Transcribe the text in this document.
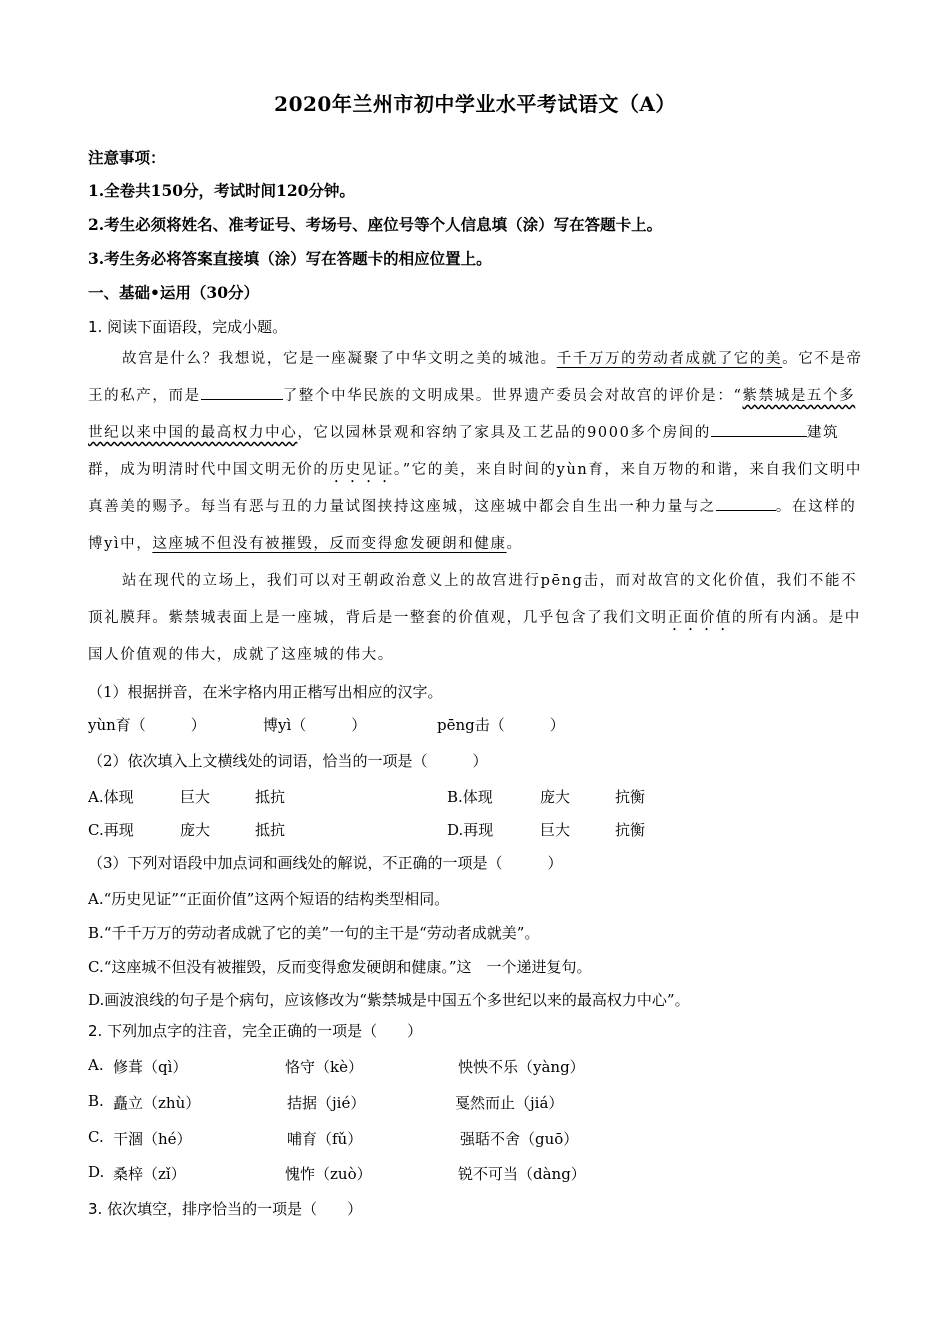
2020年兰州市初中学业水平考试语文（A）
注意事项：
1.全卷共150分，考试时间120分钟。
2.考生必须将姓名、准考证号、考场号、座位号等个人信息填（涂）写在答题卡上。
3.考生务必将答案直接填（涂）写在答题卡的相应位置上。
一、基础•运用（30分）
1. 阅读下面语段，完成小题。
故宫是什么？我想说，它是一座凝聚了中华文明之美的城池。千千万万的劳动者成就了它的美。它不是帝王的私产，而是	了整个中华民族的文明成果。世界遗产委员会对故宫的评价是：“紫禁城是五个多世纪以来中国的最高权力中心，它以园林景观和容纳了家具及工艺品的9000多个房间的	建筑群，成为明清时代中国文明无价的历史见证。”它的美，来自时间的yùn育，来自万物的和谐，来自我们文明中真善美的赐予。每当有恶与丑的力量试图挟持这座城，这座城中都会自生出一种力量与之	。在这样的博yì中，这座城不但没有被摧毁，反而变得愈发硬朗和健康。
站在现代的立场上，我们可以对王朝政治意义上的故宫进行pēng击，而对故宫的文化价值，我们不能不顶礼膜拜。紫禁城表面上是一座城，背后是一整套的价值观，几乎包含了我们文明正面价值的所有内涵。是中国人价值观的伟大，成就了这座城的伟大。
（1）根据拼音，在米字格内用正楷写出相应的汉字。
yùn育（　　　）	博yì（　　　）	pēng击（　　　）
（2）依次填入上文横线处的词语，恰当的一项是（　　　）
A.体现	巨大	抵抗	B.体现	庞大	抗衡
C.再现	庞大	抵抗	D.再现	巨大	抗衡
（3）下列对语段中加点词和画线处的解说，不正确的一项是（　　　）
A.“历史见证”“正面价值”这两个短语的结构类型相同。
B.“千千万万的劳动者成就了它的美”一句的主干是“劳动者成就美”。
C.“这座城不但没有被摧毁，反而变得愈发硬朗和健康。”这　一个递进复句。
D.画波浪线的句子是个病句，应该修改为“紫禁城是中国五个多世纪以来的最高权力中心”。
2. 下列加点字的注音，完全正确的一项是（　　）
A. 修葺（qì）	恪守（kè）	怏怏不乐（yàng）
B. 矗立（zhù）	拮据（jié）	戛然而止（jiá）
C. 干涸（hé）	哺育（fǔ）	强聒不舍（guō）
D. 桑梓（zǐ）	愧怍（zuò）	锐不可当（dàng）
3. 依次填空，排序恰当的一项是（　　）
